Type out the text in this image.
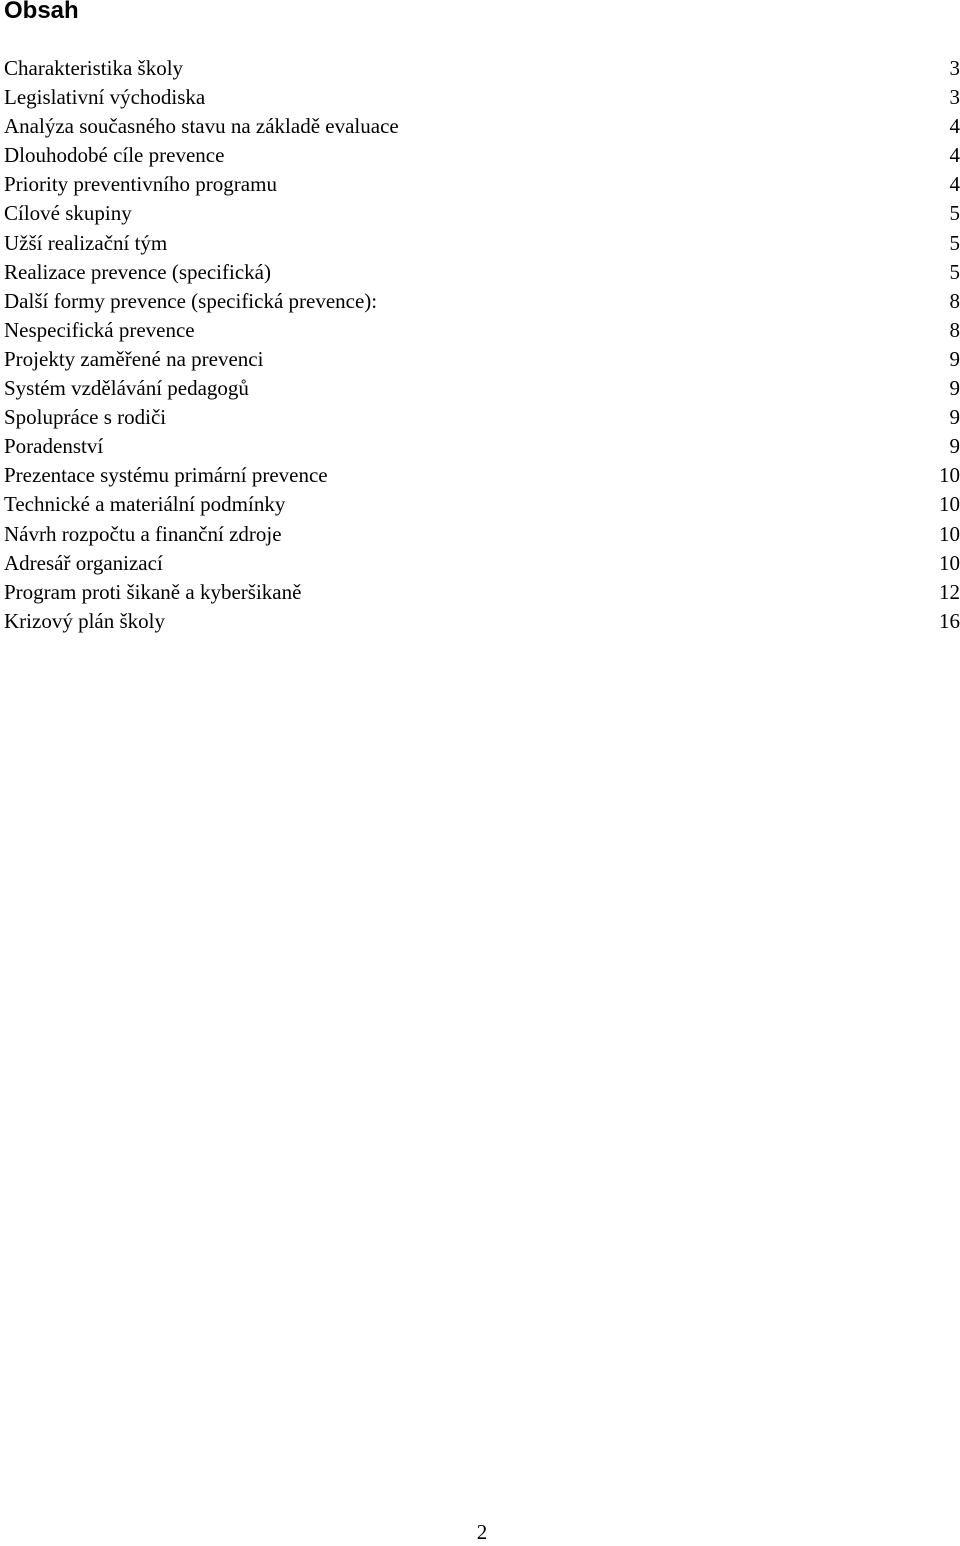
Obsah
Charakteristika školy	3
Legislativní východiska	3
Analýza současného stavu na základě evaluace	4
Dlouhodobé cíle prevence	4
Priority preventivního programu	4
Cílové skupiny	5
Užší realizační tým	5
Realizace prevence (specifická)	5
Další formy prevence (specifická prevence):	8
Nespecifická prevence	8
Projekty zaměřené na prevenci	9
Systém vzdělávání pedagogů	9
Spolupráce s rodiči	9
Poradenství	9
Prezentace systému primární prevence	10
Technické a materiální podmínky	10
Návrh rozpočtu a finanční zdroje	10
Adresář organizací	10
Program proti šikaně a kyberšikaně	12
Krizový plán školy	16
2
